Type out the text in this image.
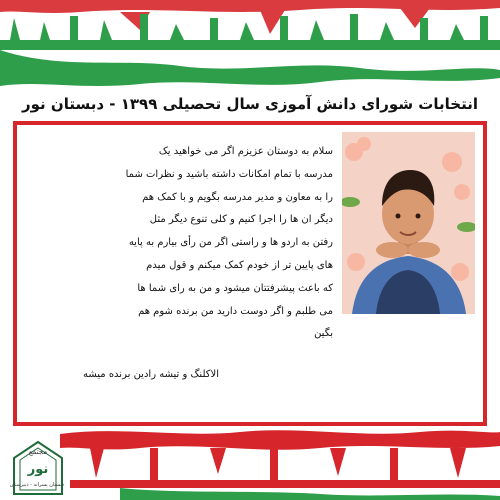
انتخابات شورای دانش آموزی سال تحصیلی ۱۳۹۹ - دبستان نور
سلام به دوستان عزیزم اگر می خواهید یک
مدرسه با تمام امکانات داشته باشید و نظرات شما
را به معاون و مدیر مدرسه بگویم و با کمک هم
دیگر ان ها را اجرا کنیم و کلی تنوع دیگر مثل
رفتن به اردو ها و راستی اگر من رأی بیارم به پایه
های پایین تر از خودم کمک میکنم و قول میدم
که باعث پیشرفتتان میشود و من به رای شما ها
می طلبم و اگر دوست دارید من برنده شوم هم
بگین
الاکلنگ و تیشه رادین برنده میشه
مجتمع
نور
دبستان پسرانه - دبیرستان
